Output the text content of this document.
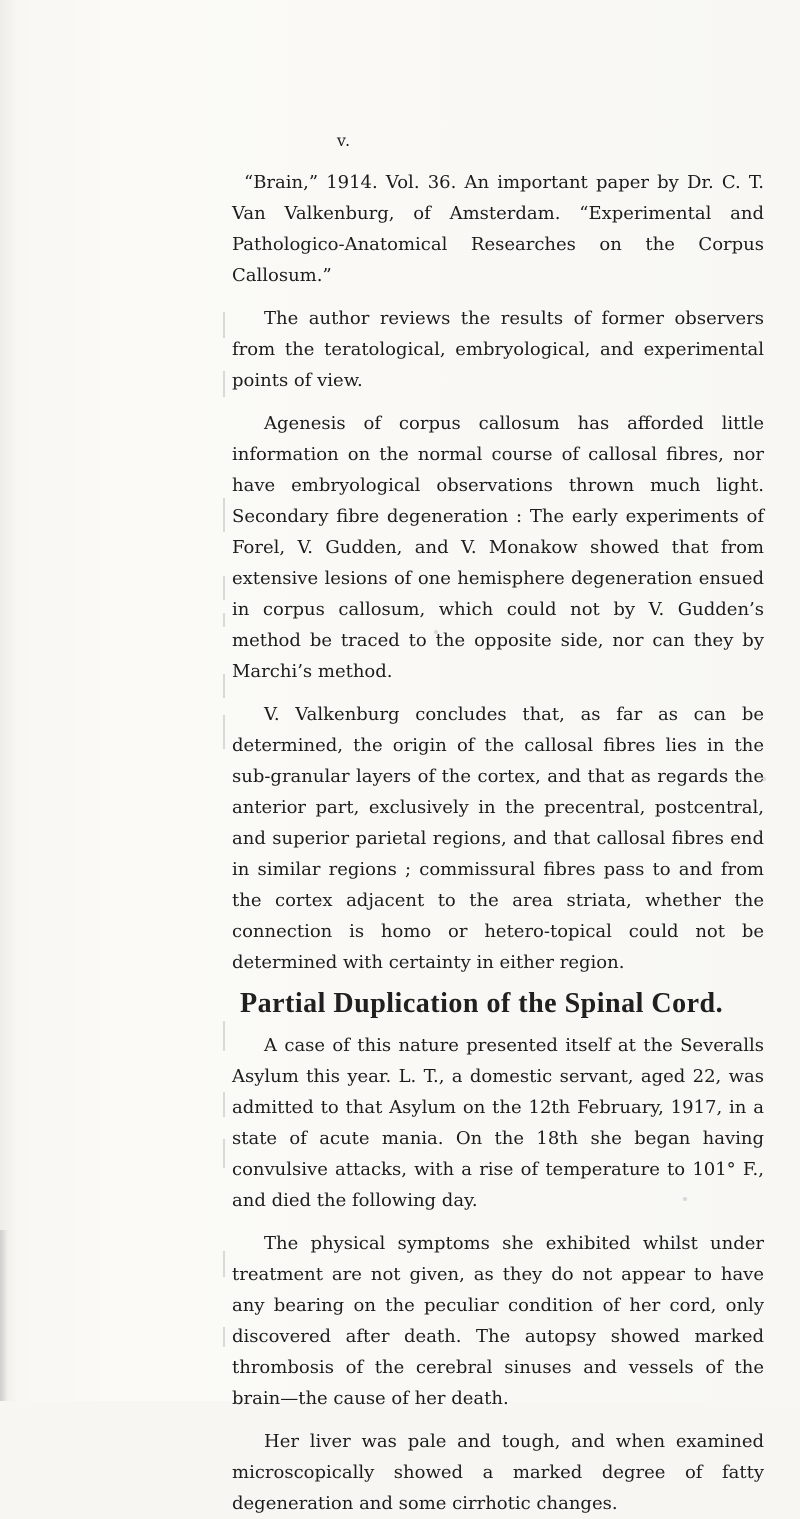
v.

“Brain,” 1914. Vol. 36. An important paper by Dr. C. T. Van Valkenburg, of Amsterdam. “Experimental and Pathologico-Anatomical Researches on the Corpus Callosum.”

The author reviews the results of former observers from the teratological, embryological, and experimental points of view.

Agenesis of corpus callosum has afforded little information on the normal course of callosal fibres, nor have embryological observations thrown much light. Secondary fibre degeneration : The early experiments of Forel, V. Gudden, and V. Monakow showed that from extensive lesions of one hemisphere degeneration ensued in corpus callosum, which could not by V. Gudden’s method be traced to the opposite side, nor can they by Marchi’s method.

V. Valkenburg concludes that, as far as can be determined, the origin of the callosal fibres lies in the sub-granular layers of the cortex, and that as regards the anterior part, exclusively in the precentral, postcentral, and superior parietal regions, and that callosal fibres end in similar regions ; commissural fibres pass to and from the cortex adjacent to the area striata, whether the connection is homo or hetero-topical could not be determined with certainty in either region.

Partial Duplication of the Spinal Cord.

A case of this nature presented itself at the Severalls Asylum this year. L. T., a domestic servant, aged 22, was admitted to that Asylum on the 12th February, 1917, in a state of acute mania. On the 18th she began having convulsive attacks, with a rise of temperature to 101° F., and died the following day.

The physical symptoms she exhibited whilst under treatment are not given, as they do not appear to have any bearing on the peculiar condition of her cord, only discovered after death. The autopsy showed marked thrombosis of the cerebral sinuses and vessels of the brain—the cause of her death.

Her liver was pale and tough, and when examined microscopically showed a marked degree of fatty degeneration and some cirrhotic changes.
